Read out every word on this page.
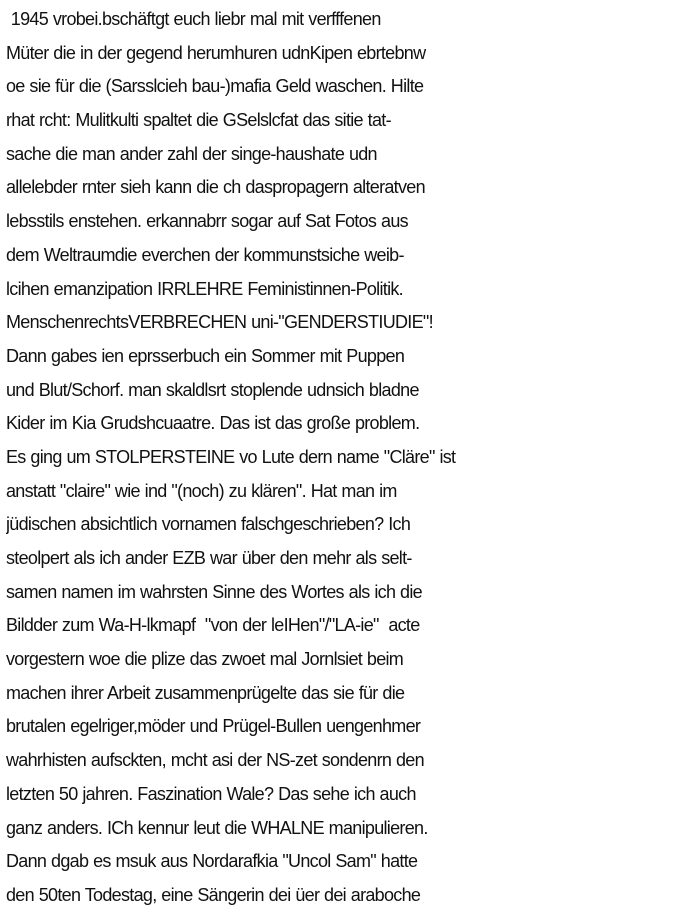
1945 vrobei.bschäftgt euch liebr mal mit verfffenen
Müter die in der gegend herumhuren udnKipen ebrtebnw
oe sie für die (Sarsslcieh bau-)mafia Geld waschen. Hilte
rhat rcht: Mulitkulti spaltet die GSelslcfat das sitie tat-
sache die man ander zahl der singe-haushate udn
allelebder rnter sieh kann die ch daspropagern alteratven
lebsstils enstehen. erkannabrr sogar auf Sat Fotos aus
dem Weltraumdie everchen der kommunstsiche weib-
lcihen emanzipation IRRLEHRE Feministinnen-Politik.
MenschenrechtsVERBRECHEN uni-"GENDERSTIUDIE"!
Dann gabes ien eprsserbuch ein Sommer mit Puppen
und Blut/Schorf. man skaldlsrt stoplende udnsich bladne
Kider im Kia Grudshcuaatre. Das ist das große problem.
Es ging um STOLPERSTEINE vo Lute dern name "Cläre" ist
anstatt "claire" wie ind "(noch) zu klären". Hat man im
jüdischen absichtlich vornamen falschgeschrieben? Ich
steolpert als ich ander EZB war über den mehr als selt-
samen namen im wahrsten Sinne des Wortes als ich die
Bildder zum Wa-H-lkmapf  "von der leIHen"/"LA-ie"  acte
vorgestern woe die plize das zwoet mal Jornlsiet beim
machen ihrer Arbeit zusammenprügelte das sie für die
brutalen egelriger,möder und Prügel-Bullen uengenhmer
wahrhisten aufsckten, mcht asi der NS-zet sondenrn den
letzten 50 jahren. Faszination Wale? Das sehe ich auch
ganz anders. ICh kennur leut die WHALNE manipulieren.
Dann dgab es msuk aus Nordarafkia "Uncol Sam" hatte
den 50ten Todestag, eine Sängerin dei üer dei araboche
